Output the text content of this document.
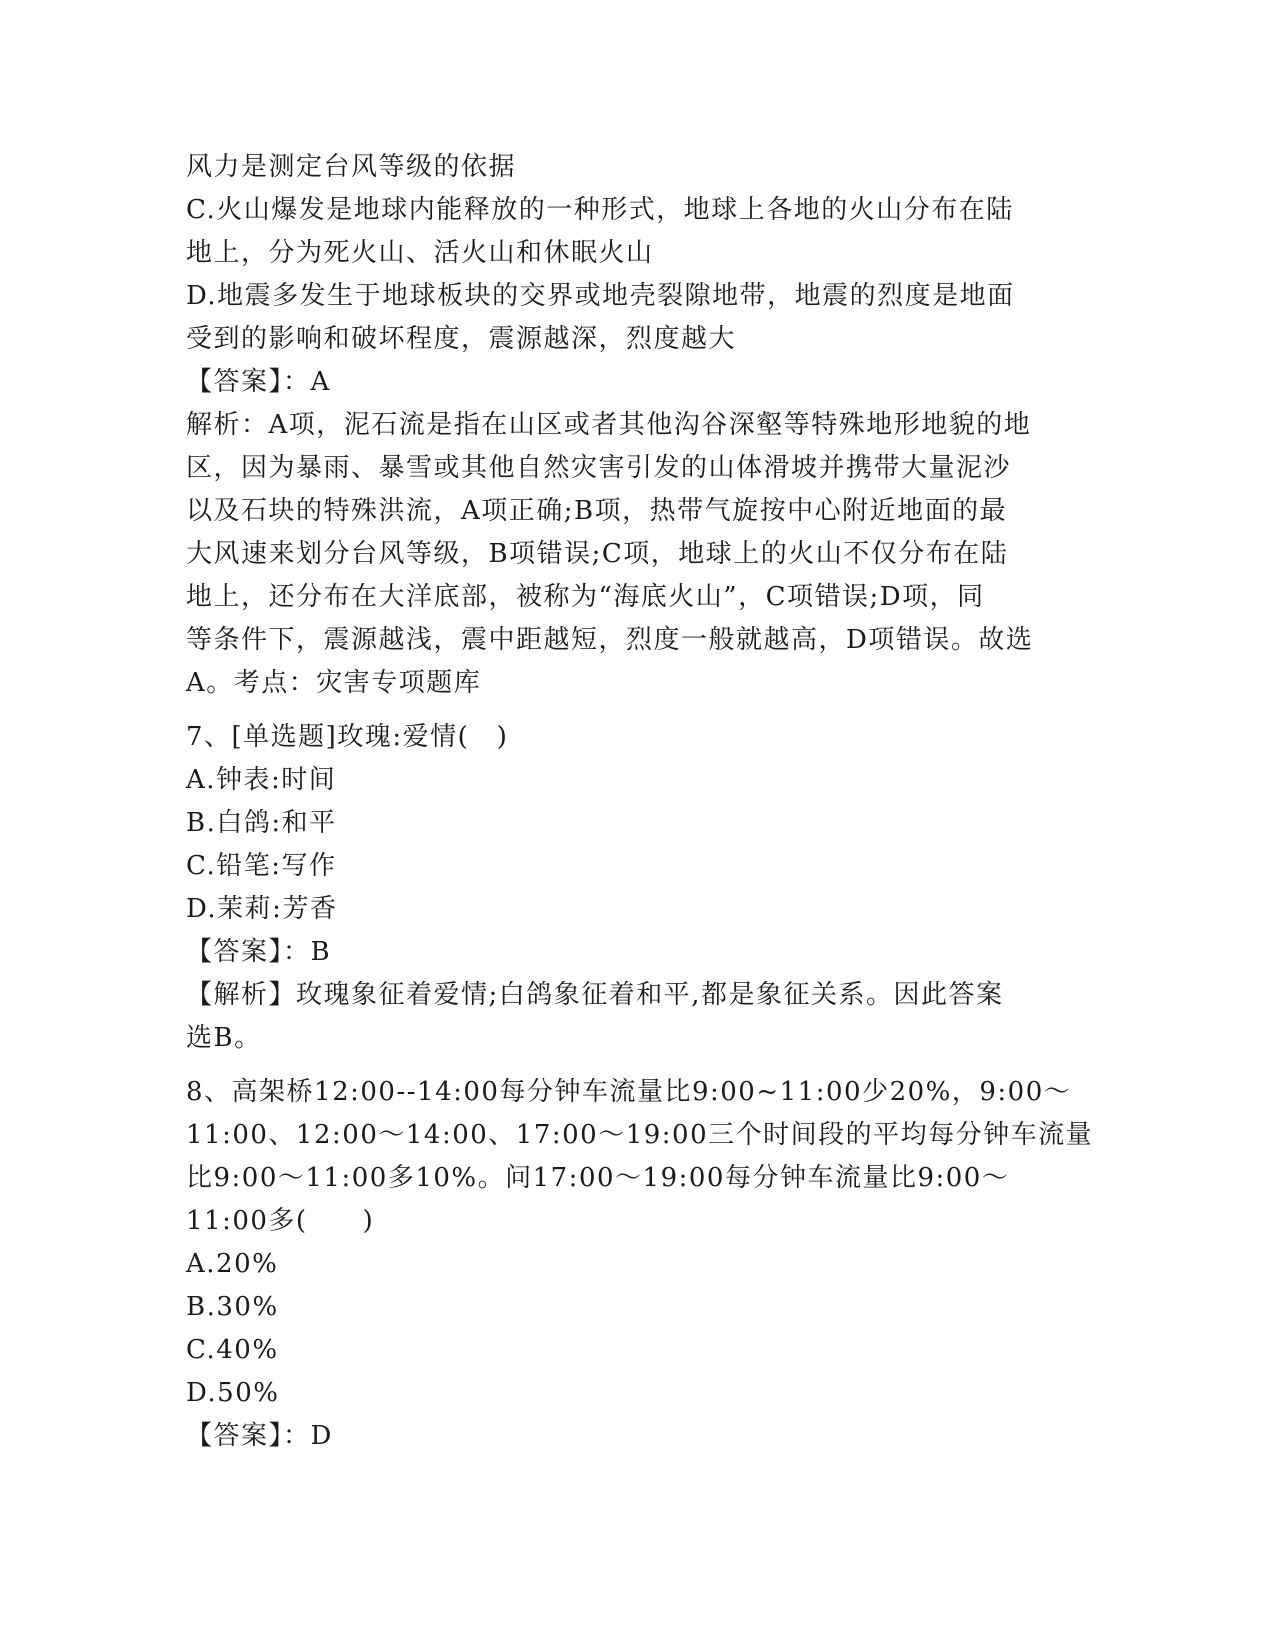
风力是测定台风等级的依据
C.火山爆发是地球内能释放的一种形式，地球上各地的火山分布在陆
地上，分为死火山、活火山和休眠火山
D.地震多发生于地球板块的交界或地壳裂隙地带，地震的烈度是地面
受到的影响和破坏程度，震源越深，烈度越大
【答案】：A
解析：A项，泥石流是指在山区或者其他沟谷深壑等特殊地形地貌的地
区，因为暴雨、暴雪或其他自然灾害引发的山体滑坡并携带大量泥沙
以及石块的特殊洪流，A项正确;B项，热带气旋按中心附近地面的最
大风速来划分台风等级，B项错误;C项，地球上的火山不仅分布在陆
地上，还分布在大洋底部，被称为“海底火山”，C项错误;D项，同
等条件下，震源越浅，震中距越短，烈度一般就越高，D项错误。故选
A。考点：灾害专项题库
7、[单选题]玫瑰:爱情(　)
A.钟表:时间
B.白鸽:和平
C.铅笔:写作
D.茉莉:芳香
【答案】：B
【解析】玫瑰象征着爱情;白鸽象征着和平,都是象征关系。因此答案
选B。
8、高架桥12:00--14:00每分钟车流量比9:00~11:00少20%，9:00～
11:00、12:00～14:00、17:00～19:00三个时间段的平均每分钟车流量
比9:00～11:00多10%。问17:00～19:00每分钟车流量比9:00～
11:00多(　　)
A.20%
B.30%
C.40%
D.50%
【答案】：D
